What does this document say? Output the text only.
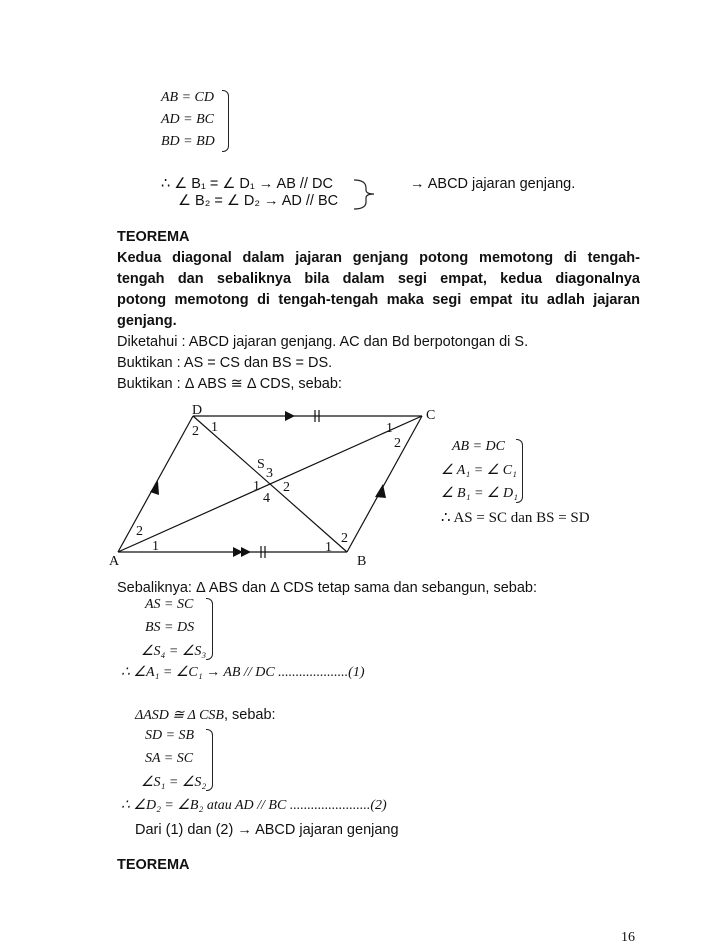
AB = CD
AD = BC
BD = BD
∴ ∠ B₁ = ∠ D₁ → AB // DC
∠ B₂ = ∠ D₂ → AD // BC
→ ABCD jajaran genjang.
TEOREMA
Kedua diagonal dalam jajaran genjang potong memotong di tengah-
tengah dan sebaliknya bila dalam segi empat, kedua diagonalnya
potong memotong di tengah-tengah maka segi empat itu adlah jajaran
genjang.
Diketahui : ABCD jajaran genjang. AC dan Bd berpotongan di S.
Buktikan : AS = CS dan BS = DS.
Buktikan : Δ ABS ≅ Δ CDS, sebab:
D	C
A	B
S
2 1	1
2
2
1	1
2
3
1 2
4
AB = DC
∠ A₁ = ∠ C₁
∠ B₁ = ∠ D₁
∴ AS = SC dan BS = SD
Sebaliknya: Δ ABS dan Δ CDS tetap sama dan sebangun, sebab:
AS = SC
BS = DS
∠S₄ = ∠S₃
∴ ∠A₁ = ∠C₁ → AB // DC ....................(1)
ΔASD ≅ Δ CSB, sebab:
SD = SB
SA = SC
∠S₁ = ∠S₂
∴ ∠D₂ = ∠B₂ atau AD // BC .......................(2)
Dari (1) dan (2) → ABCD jajaran genjang
TEOREMA
16
